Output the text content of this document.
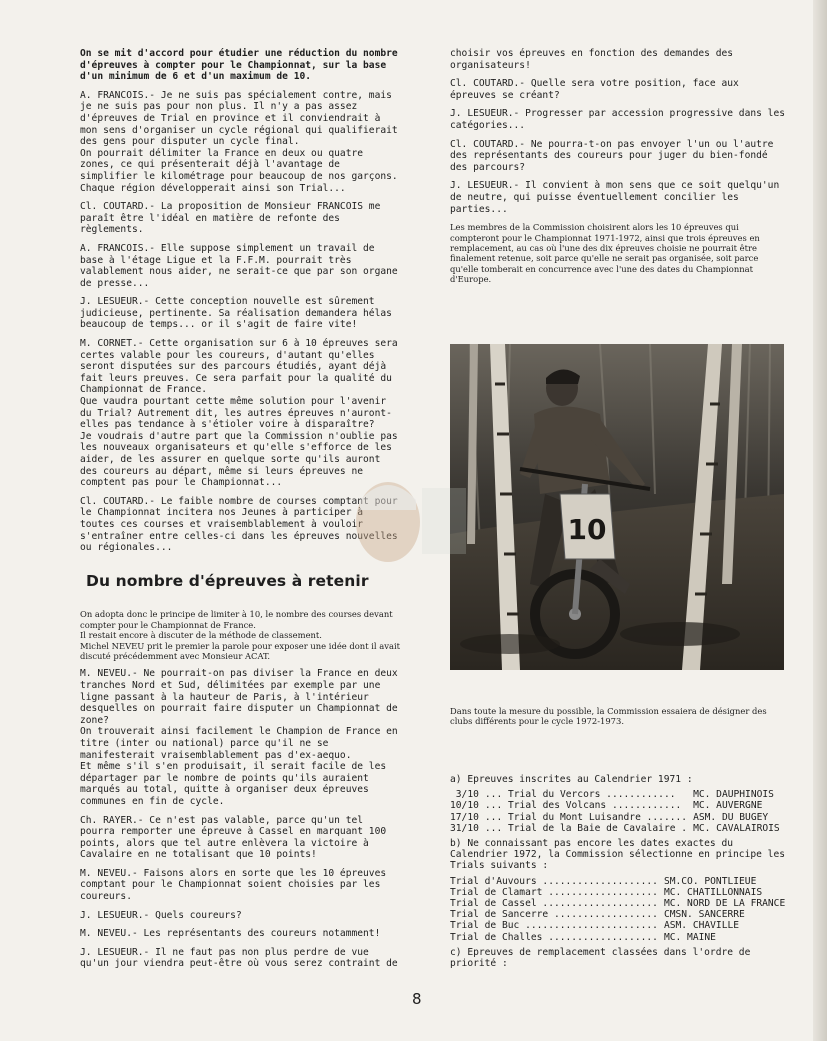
On se mit d'accord pour étudier une réduction du nombre d'épreuves à compter pour le Championnat, sur la base d'un minimum de 6 et d'un maximum de 10.

A. FRANCOIS.- Je ne suis pas spécialement contre, mais je ne suis pas pour non plus. Il n'y a pas assez d'épreuves de Trial en province et il conviendrait à mon sens d'organiser un cycle régional qui qualifierait des gens pour disputer un cycle final.
On pourrait délimiter la France en deux ou quatre zones, ce qui présenterait déjà l'avantage de simplifier le kilométrage pour beaucoup de nos garçons.
Chaque région développerait ainsi son Trial...

Cl. COUTARD.- La proposition de Monsieur FRANCOIS me paraît être l'idéal en matière de refonte des règlements.

A. FRANCOIS.- Elle suppose simplement un travail de base à l'étage Ligue et la F.F.M. pourrait très valablement nous aider, ne serait-ce que par son organe de presse...

J. LESUEUR.- Cette conception nouvelle est sûrement judicieuse, pertinente. Sa réalisation demandera hélas beaucoup de temps... or il s'agit de faire vite!

M. CORNET.- Cette organisation sur 6 à 10 épreuves sera certes valable pour les coureurs, d'autant qu'elles seront disputées sur des parcours étudiés, ayant déjà fait leurs preuves. Ce sera parfait pour la qualité du Championnat de France.
Que vaudra pourtant cette même solution pour l'avenir du Trial? Autrement dit, les autres épreuves n'auront-elles pas tendance à s'étioler voire à disparaître?
Je voudrais d'autre part que la Commission n'oublie pas les nouveaux organisateurs et qu'elle s'efforce de les aider, de les assurer en quelque sorte qu'ils auront des coureurs au départ, même si leurs épreuves ne comptent pas pour le Championnat...

Cl. COUTARD.- Le faible nombre de courses comptant pour le Championnat incitera nos Jeunes à participer à toutes ces courses et vraisemblablement à vouloir s'entraîner entre celles-ci dans les épreuves nouvelles ou régionales...

Du nombre d'épreuves à retenir

On adopta donc le principe de limiter à 10, le nombre des courses devant compter pour le Championnat de France.
Il restait encore à discuter de la méthode de classement.
Michel NEVEU prit le premier la parole pour exposer une idée dont il avait discuté précédemment avec Monsieur ACAT.

M. NEVEU.- Ne pourrait-on pas diviser la France en deux tranches Nord et Sud, délimitées par exemple par une ligne passant à la hauteur de Paris, à l'intérieur desquelles on pourrait faire disputer un Championnat de zone?
On trouverait ainsi facilement le Champion de France en titre (inter ou national) parce qu'il ne se manifesterait vraisemblablement pas d'ex-aequo.
Et même s'il s'en produisait, il serait facile de les départager par le nombre de points qu'ils auraient marqués au total, quitte à organiser deux épreuves communes en fin de cycle.

Ch. RAYER.- Ce n'est pas valable, parce qu'un tel pourra remporter une épreuve à Cassel en marquant 100 points, alors que tel autre enlèvera la victoire à Cavalaire en ne totalisant que 10 points!

M. NEVEU.- Faisons alors en sorte que les 10 épreuves comptant pour le Championnat soient choisies par les coureurs.

J. LESUEUR.- Quels coureurs?

M. NEVEU.- Les représentants des coureurs notamment!

J. LESUEUR.- Il ne faut pas non plus perdre de vue qu'un jour viendra peut-être où vous serez contraint de

choisir vos épreuves en fonction des demandes des organisateurs!

Cl. COUTARD.- Quelle sera votre position, face aux épreuves se créant?

J. LESUEUR.- Progresser par accession progressive dans les catégories...

Cl. COUTARD.- Ne pourra-t-on pas envoyer l'un ou l'autre des représentants des coureurs pour juger du bien-fondé des parcours?

J. LESUEUR.- Il convient à mon sens que ce soit quelqu'un de neutre, qui puisse éventuellement concilier les parties...

Les membres de la Commission choisirent alors les 10 épreuves qui compteront pour le Championnat 1971-1972, ainsi que trois épreuves en remplacement, au cas où l'une des dix épreuves choisie ne pourrait être finalement retenue, soit parce qu'elle ne serait pas organisée, soit parce qu'elle tomberait en concurrence avec l'une des dates du Championnat d'Europe.

10
Dans toute la mesure du possible, la Commission essaiera de désigner des clubs différents pour le cycle 1972-1973.

a) Epreuves inscrites au Calendrier 1971 :

3/10	... Trial du Vercors ............	MC. DAUPHINOIS
10/10	... Trial des Volcans ............	MC. AUVERGNE
17/10	... Trial du Mont Luisandre .......	ASM. DU BUGEY
31/10	... Trial de la Baie de Cavalaire .	MC. CAVALAIROIS

b) Ne connaissant pas encore les dates exactes du Calendrier 1972, la Commission sélectionne en principe les Trials suivants :

Trial d'Auvours ....................	SM.CO. PONTLIEUE
Trial de Clamart ...................	MC. CHATILLONNAIS
Trial de Cassel ....................	MC. NORD DE LA FRANCE
Trial de Sancerre ..................	CMSN. SANCERRE
Trial de Buc .......................	ASM. CHAVILLE
Trial de Challes ...................	MC. MAINE

c) Epreuves de remplacement classées dans l'ordre de priorité :

8
